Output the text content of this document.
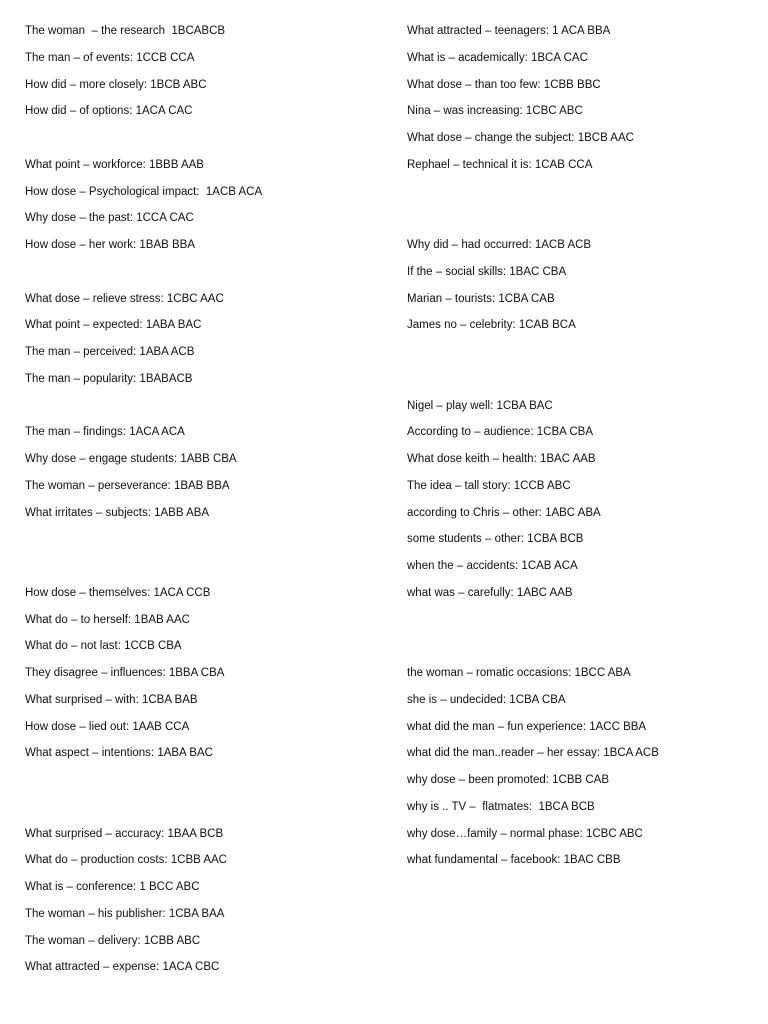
The woman  – the research  1BCABCB
The man – of events: 1CCB CCA
How did – more closely: 1BCB ABC
How did – of options: 1ACA CAC
What point – workforce: 1BBB AAB
How dose – Psychological impact:  1ACB ACA
Why dose – the past: 1CCA CAC
How dose – her work: 1BAB BBA
What dose – relieve stress: 1CBC AAC
What point – expected: 1ABA BAC
The man – perceived: 1ABA ACB
The man – popularity: 1BABACB
The man – findings: 1ACA ACA
Why dose – engage students: 1ABB CBA
The woman – perseverance: 1BAB BBA
What irritates – subjects: 1ABB ABA
How dose – themselves: 1ACA CCB
What do – to herself: 1BAB AAC
What do – not last: 1CCB CBA
They disagree – influences: 1BBA CBA
What surprised – with: 1CBA BAB
How dose – lied out: 1AAB CCA
What aspect – intentions: 1ABA BAC
What surprised – accuracy: 1BAA BCB
What do – production costs: 1CBB AAC
What is – conference: 1 BCC ABC
The woman – his publisher: 1CBA BAA
The woman – delivery: 1CBB ABC
What attracted – expense: 1ACA CBC
What attracted – teenagers: 1 ACA BBA
What is – academically: 1BCA CAC
What dose – than too few: 1CBB BBC
Nina – was increasing: 1CBC ABC
What dose – change the subject: 1BCB AAC
Rephael – technical it is: 1CAB CCA
Why did – had occurred: 1ACB ACB
If the – social skills: 1BAC CBA
Marian – tourists: 1CBA CAB
James no – celebrity: 1CAB BCA
Nigel – play well: 1CBA BAC
According to – audience: 1CBA CBA
What dose keith – health: 1BAC AAB
The idea – tall story: 1CCB ABC
according to Chris – other: 1ABC ABA
some students – other: 1CBA BCB
when the – accidents: 1CAB ACA
what was – carefully: 1ABC AAB
the woman – romatic occasions: 1BCC ABA
she is – undecided: 1CBA CBA
what did the man – fun experience: 1ACC BBA
what did the man..reader – her essay: 1BCA ACB
why dose – been promoted: 1CBB CAB
why is .. TV –  flatmates:  1BCA BCB
why dose…family – normal phase: 1CBC ABC
what fundamental – facebook: 1BAC CBB
